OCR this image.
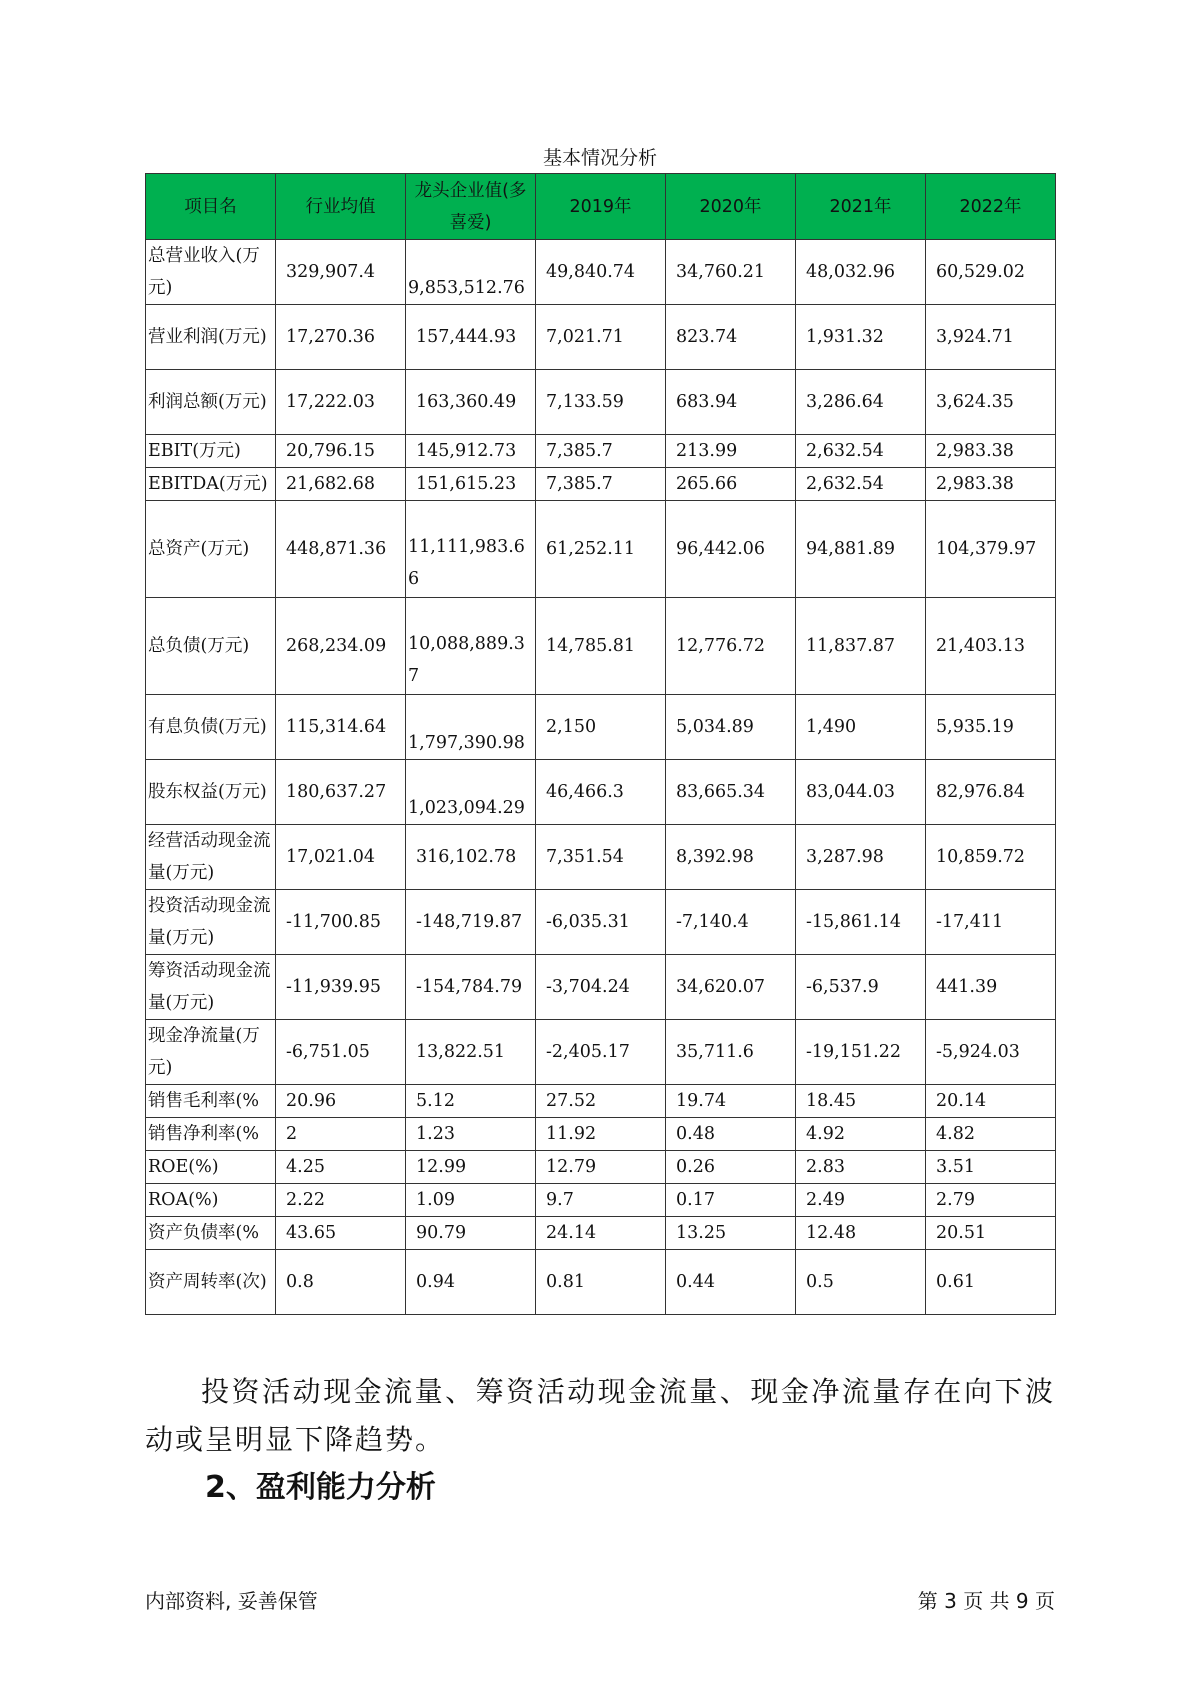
基本情况分析
项目名	行业均值	龙头企业值(多喜爱)	2019年	2020年	2021年	2022年
总营业收入(万元)	329,907.4	9,853,512.76	49,840.74	34,760.21	48,032.96	60,529.02
营业利润(万元)	17,270.36	157,444.93	7,021.71	823.74	1,931.32	3,924.71
利润总额(万元)	17,222.03	163,360.49	7,133.59	683.94	3,286.64	3,624.35
EBIT(万元)	20,796.15	145,912.73	7,385.7	213.99	2,632.54	2,983.38
EBITDA(万元)	21,682.68	151,615.23	7,385.7	265.66	2,632.54	2,983.38
总资产(万元)	448,871.36	11,111,983.66	61,252.11	96,442.06	94,881.89	104,379.97
总负债(万元)	268,234.09	10,088,889.37	14,785.81	12,776.72	11,837.87	21,403.13
有息负债(万元)	115,314.64	1,797,390.98	2,150	5,034.89	1,490	5,935.19
股东权益(万元)	180,637.27	1,023,094.29	46,466.3	83,665.34	83,044.03	82,976.84
经营活动现金流量(万元)	17,021.04	316,102.78	7,351.54	8,392.98	3,287.98	10,859.72
投资活动现金流量(万元)	-11,700.85	-148,719.87	-6,035.31	-7,140.4	-15,861.14	-17,411
筹资活动现金流量(万元)	-11,939.95	-154,784.79	-3,704.24	34,620.07	-6,537.9	441.39
现金净流量(万元)	-6,751.05	13,822.51	-2,405.17	35,711.6	-19,151.22	-5,924.03
销售毛利率(%	20.96	5.12	27.52	19.74	18.45	20.14
销售净利率(%	2	1.23	11.92	0.48	4.92	4.82
ROE(%)	4.25	12.99	12.79	0.26	2.83	3.51
ROA(%)	2.22	1.09	9.7	0.17	2.49	2.79
资产负债率(%	43.65	90.79	24.14	13.25	12.48	20.51
资产周转率(次)	0.8	0.94	0.81	0.44	0.5	0.61

投资活动现金流量、筹资活动现金流量、现金净流量存在向下波动或呈明显下降趋势。

2、盈利能力分析
内部资料, 妥善保管	第 3 页 共 9 页
